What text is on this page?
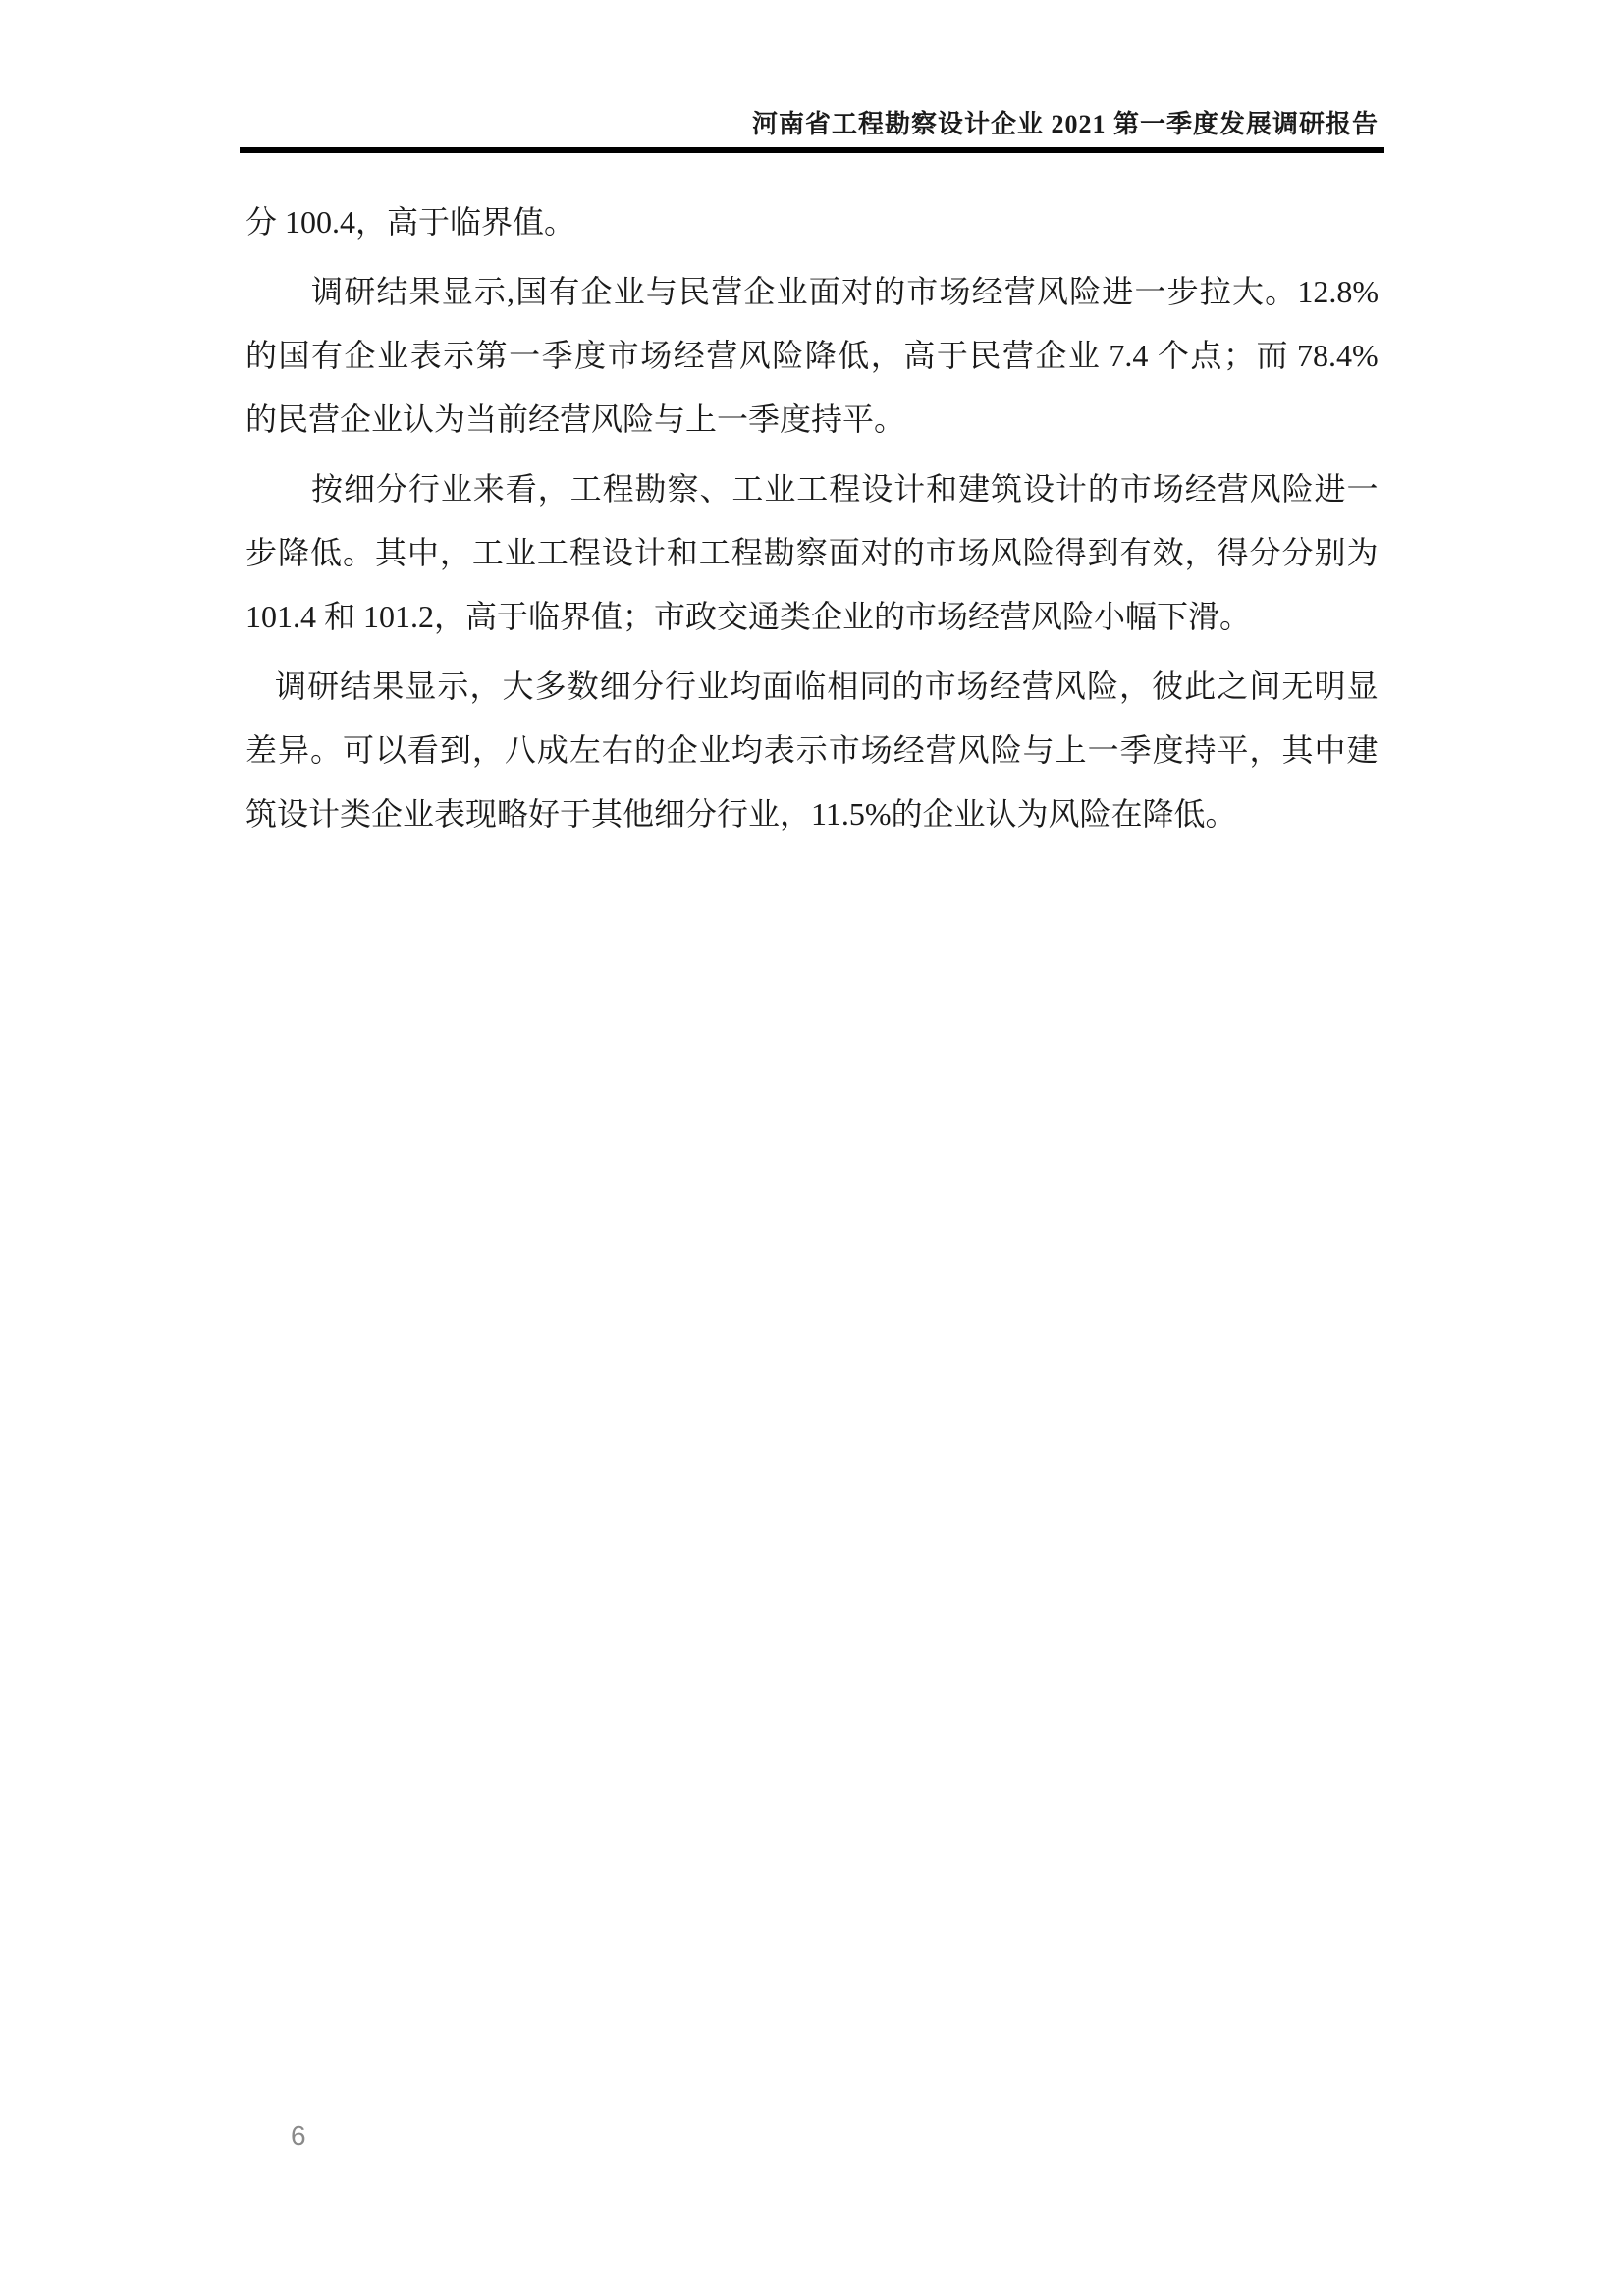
河南省工程勘察设计企业 2021 第一季度发展调研报告
分 100.4，高于临界值。
调 研 结 果 显 示 , 国 有 企 业 与 民 营 企 业 面 对 的 市 场 经 营 风 险 进 一 步 拉 大 。 12.8%
的 国 有 企 业 表 示 第 一 季 度 市 场 经 营 风 险 降 低 ， 高 于 民 营 企 业 7.4 个 点 ； 而 78.4%
的民营企业认为当前经营风险与上一季度持平。
按 细 分 行 业 来 看 ， 工 程 勘 察 、 工 业 工 程 设 计 和 建 筑 设 计 的 市 场 经 营 风 险 进 一
步 降 低 。 其 中 ， 工 业 工 程 设 计 和 工 程 勘 察 面 对 的 市 场 风 险 得 到 有 效 ， 得 分 分 别 为
101.4 和 101.2，高于临界值；市政交通类企业的市场经营风险小幅下滑。
调 研 结 果 显 示 ， 大 多 数 细 分 行 业 均 面 临 相 同 的 市 场 经 营 风 险 ， 彼 此 之 间 无 明 显
差 异 。 可 以 看 到 ， 八 成 左 右 的 企 业 均 表 示 市 场 经 营 风 险 与 上 一 季 度 持 平 ， 其 中 建
筑设计类企业表现略好于其他细分行业，11.5%的企业认为风险在降低。
6
